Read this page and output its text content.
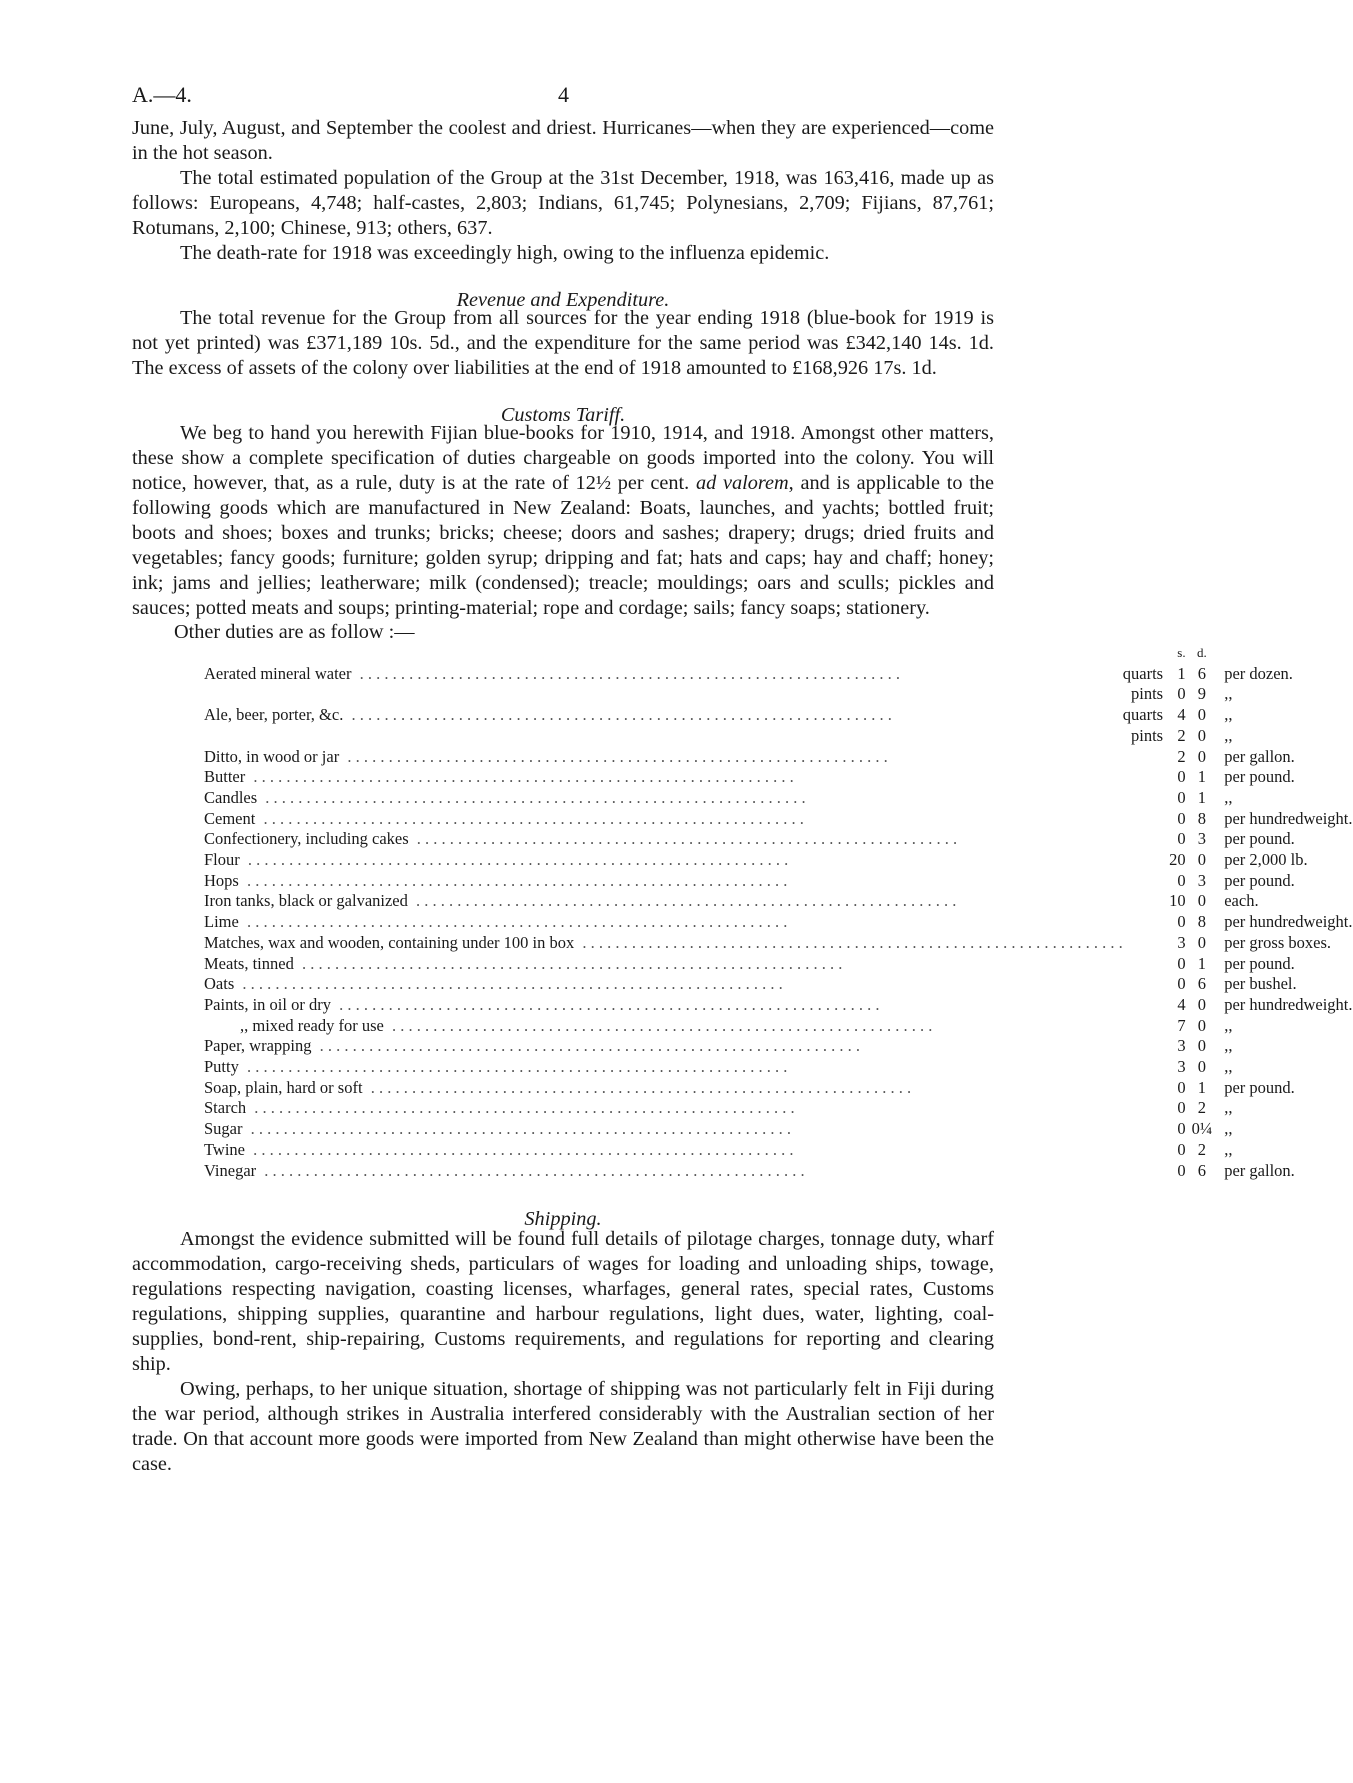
A.—4.	4

June, July, August, and September the coolest and driest. Hurricanes—when they are experienced—come in the hot season.

The total estimated population of the Group at the 31st December, 1918, was 163,416, made up as follows: Europeans, 4,748; half-castes, 2,803; Indians, 61,745; Polynesians, 2,709; Fijians, 87,761; Rotumans, 2,100; Chinese, 913; others, 637.

The death-rate for 1918 was exceedingly high, owing to the influenza epidemic.

Revenue and Expenditure.

The total revenue for the Group from all sources for the year ending 1918 (blue-book for 1919 is not yet printed) was £371,189 10s. 5d., and the expenditure for the same period was £342,140 14s. 1d. The excess of assets of the colony over liabilities at the end of 1918 amounted to £168,926 17s. 1d.

Customs Tariff.

We beg to hand you herewith Fijian blue-books for 1910, 1914, and 1918. Amongst other matters, these show a complete specification of duties chargeable on goods imported into the colony. You will notice, however, that, as a rule, duty is at the rate of 12½ per cent. ad valorem, and is applicable to the following goods which are manufactured in New Zealand: Boats, launches, and yachts; bottled fruit; boots and shoes; boxes and trunks; bricks; cheese; doors and sashes; drapery; drugs; dried fruits and vegetables; fancy goods; furniture; golden syrup; dripping and fat; hats and caps; hay and chaff; honey; ink; jams and jellies; leatherware; milk (condensed); treacle; mouldings; oars and sculls; pickles and sauces; potted meats and soups; printing-material; rope and cordage; sails; fancy soaps; stationery.

Other duties are as follow :—
		s.	d.	
Aerated mineral water . . . . . . . . . . . . . . . . . . . . . . . . . . . . . . . . . . . . . . . . . . . . . . . . . . . . . . . . . . . . . . . . . .	quarts	1	6	per dozen.
	pints	0	9	,,
Ale, beer, porter, &c. . . . . . . . . . . . . . . . . . . . . . . . . . . . . . . . . . . . . . . . . . . . . . . . . . . . . . . . . . . . . . . . . . .	quarts	4	0	,,
	pints	2	0	,,
Ditto, in wood or jar . . . . . . . . . . . . . . . . . . . . . . . . . . . . . . . . . . . . . . . . . . . . . . . . . . . . . . . . . . . . . . . . . .		2	0	per gallon.
Butter . . . . . . . . . . . . . . . . . . . . . . . . . . . . . . . . . . . . . . . . . . . . . . . . . . . . . . . . . . . . . . . . . .		0	1	per pound.
Candles . . . . . . . . . . . . . . . . . . . . . . . . . . . . . . . . . . . . . . . . . . . . . . . . . . . . . . . . . . . . . . . . . .		0	1	,,
Cement . . . . . . . . . . . . . . . . . . . . . . . . . . . . . . . . . . . . . . . . . . . . . . . . . . . . . . . . . . . . . . . . . .		0	8	per hundredweight.
Confectionery, including cakes . . . . . . . . . . . . . . . . . . . . . . . . . . . . . . . . . . . . . . . . . . . . . . . . . . . . . . . . . . . . . . . . . .		0	3	per pound.
Flour . . . . . . . . . . . . . . . . . . . . . . . . . . . . . . . . . . . . . . . . . . . . . . . . . . . . . . . . . . . . . . . . . .		20	0	per 2,000 lb.
Hops . . . . . . . . . . . . . . . . . . . . . . . . . . . . . . . . . . . . . . . . . . . . . . . . . . . . . . . . . . . . . . . . . .		0	3	per pound.
Iron tanks, black or galvanized . . . . . . . . . . . . . . . . . . . . . . . . . . . . . . . . . . . . . . . . . . . . . . . . . . . . . . . . . . . . . . . . . .		10	0	each.
Lime . . . . . . . . . . . . . . . . . . . . . . . . . . . . . . . . . . . . . . . . . . . . . . . . . . . . . . . . . . . . . . . . . .		0	8	per hundredweight.
Matches, wax and wooden, containing under 100 in box . . . . . . . . . . . . . . . . . . . . . . . . . . . . . . . . . . . . . . . . . . . . . . . . . . . . . . . . . . . . . . . . . .		3	0	per gross boxes.
Meats, tinned . . . . . . . . . . . . . . . . . . . . . . . . . . . . . . . . . . . . . . . . . . . . . . . . . . . . . . . . . . . . . . . . . .		0	1	per pound.
Oats . . . . . . . . . . . . . . . . . . . . . . . . . . . . . . . . . . . . . . . . . . . . . . . . . . . . . . . . . . . . . . . . . .		0	6	per bushel.
Paints, in oil or dry . . . . . . . . . . . . . . . . . . . . . . . . . . . . . . . . . . . . . . . . . . . . . . . . . . . . . . . . . . . . . . . . . .		4	0	per hundredweight.
,, mixed ready for use . . . . . . . . . . . . . . . . . . . . . . . . . . . . . . . . . . . . . . . . . . . . . . . . . . . . . . . . . . . . . . . . . .		7	0	,,
Paper, wrapping . . . . . . . . . . . . . . . . . . . . . . . . . . . . . . . . . . . . . . . . . . . . . . . . . . . . . . . . . . . . . . . . . .		3	0	,,
Putty . . . . . . . . . . . . . . . . . . . . . . . . . . . . . . . . . . . . . . . . . . . . . . . . . . . . . . . . . . . . . . . . . .		3	0	,,
Soap, plain, hard or soft . . . . . . . . . . . . . . . . . . . . . . . . . . . . . . . . . . . . . . . . . . . . . . . . . . . . . . . . . . . . . . . . . .		0	1	per pound.
Starch . . . . . . . . . . . . . . . . . . . . . . . . . . . . . . . . . . . . . . . . . . . . . . . . . . . . . . . . . . . . . . . . . .		0	2	,,
Sugar . . . . . . . . . . . . . . . . . . . . . . . . . . . . . . . . . . . . . . . . . . . . . . . . . . . . . . . . . . . . . . . . . .		0	0¼	,,
Twine . . . . . . . . . . . . . . . . . . . . . . . . . . . . . . . . . . . . . . . . . . . . . . . . . . . . . . . . . . . . . . . . . .		0	2	,,
Vinegar . . . . . . . . . . . . . . . . . . . . . . . . . . . . . . . . . . . . . . . . . . . . . . . . . . . . . . . . . . . . . . . . . .		0	6	per gallon.
Shipping.

Amongst the evidence submitted will be found full details of pilotage charges, tonnage duty, wharf accommodation, cargo-receiving sheds, particulars of wages for loading and unloading ships, towage, regulations respecting navigation, coasting licenses, wharfages, general rates, special rates, Customs regulations, shipping supplies, quarantine and harbour regulations, light dues, water, lighting, coal-supplies, bond-rent, ship-repairing, Customs requirements, and regulations for reporting and clearing ship.

Owing, perhaps, to her unique situation, shortage of shipping was not particularly felt in Fiji during the war period, although strikes in Australia interfered considerably with the Australian section of her trade. On that account more goods were imported from New Zealand than might otherwise have been the case.
